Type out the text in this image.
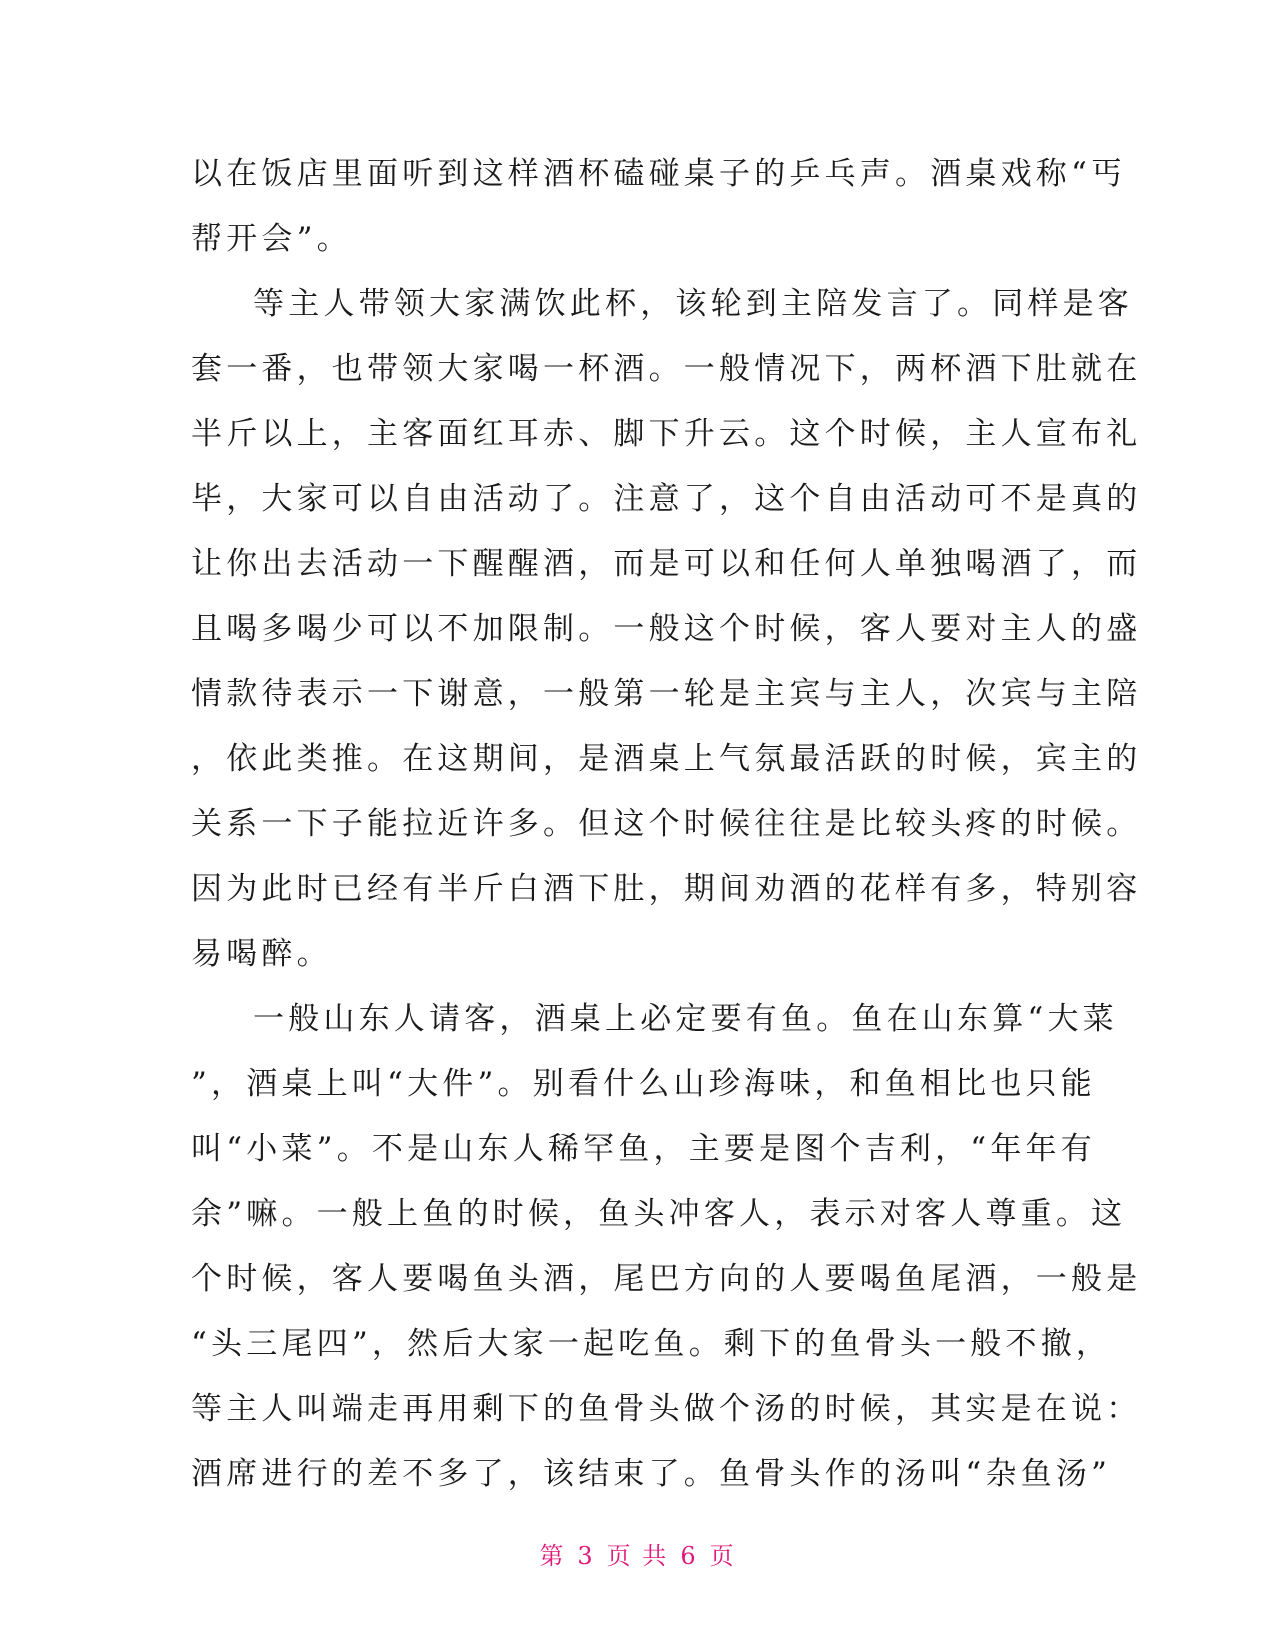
以在饭店里面听到这样酒杯磕碰桌子的乒乓声。酒桌戏称“丐
帮开会”。
等主人带领大家满饮此杯，该轮到主陪发言了。同样是客
套一番，也带领大家喝一杯酒。一般情况下，两杯酒下肚就在
半斤以上，主客面红耳赤、脚下升云。这个时候，主人宣布礼
毕，大家可以自由活动了。注意了，这个自由活动可不是真的
让你出去活动一下醒醒酒，而是可以和任何人单独喝酒了，而
且喝多喝少可以不加限制。一般这个时候，客人要对主人的盛
情款待表示一下谢意，一般第一轮是主宾与主人，次宾与主陪
，依此类推。在这期间，是酒桌上气氛最活跃的时候，宾主的
关系一下子能拉近许多。但这个时候往往是比较头疼的时候。
因为此时已经有半斤白酒下肚，期间劝酒的花样有多，特别容
易喝醉。
一般山东人请客，酒桌上必定要有鱼。鱼在山东算“大菜
”，酒桌上叫“大件”。别看什么山珍海味，和鱼相比也只能
叫“小菜”。不是山东人稀罕鱼，主要是图个吉利，“年年有
余”嘛。一般上鱼的时候，鱼头冲客人，表示对客人尊重。这
个时候，客人要喝鱼头酒，尾巴方向的人要喝鱼尾酒，一般是
“头三尾四”，然后大家一起吃鱼。剩下的鱼骨头一般不撤，
等主人叫端走再用剩下的鱼骨头做个汤的时候，其实是在说：
酒席进行的差不多了，该结束了。鱼骨头作的汤叫“杂鱼汤”
第 3 页 共 6 页
